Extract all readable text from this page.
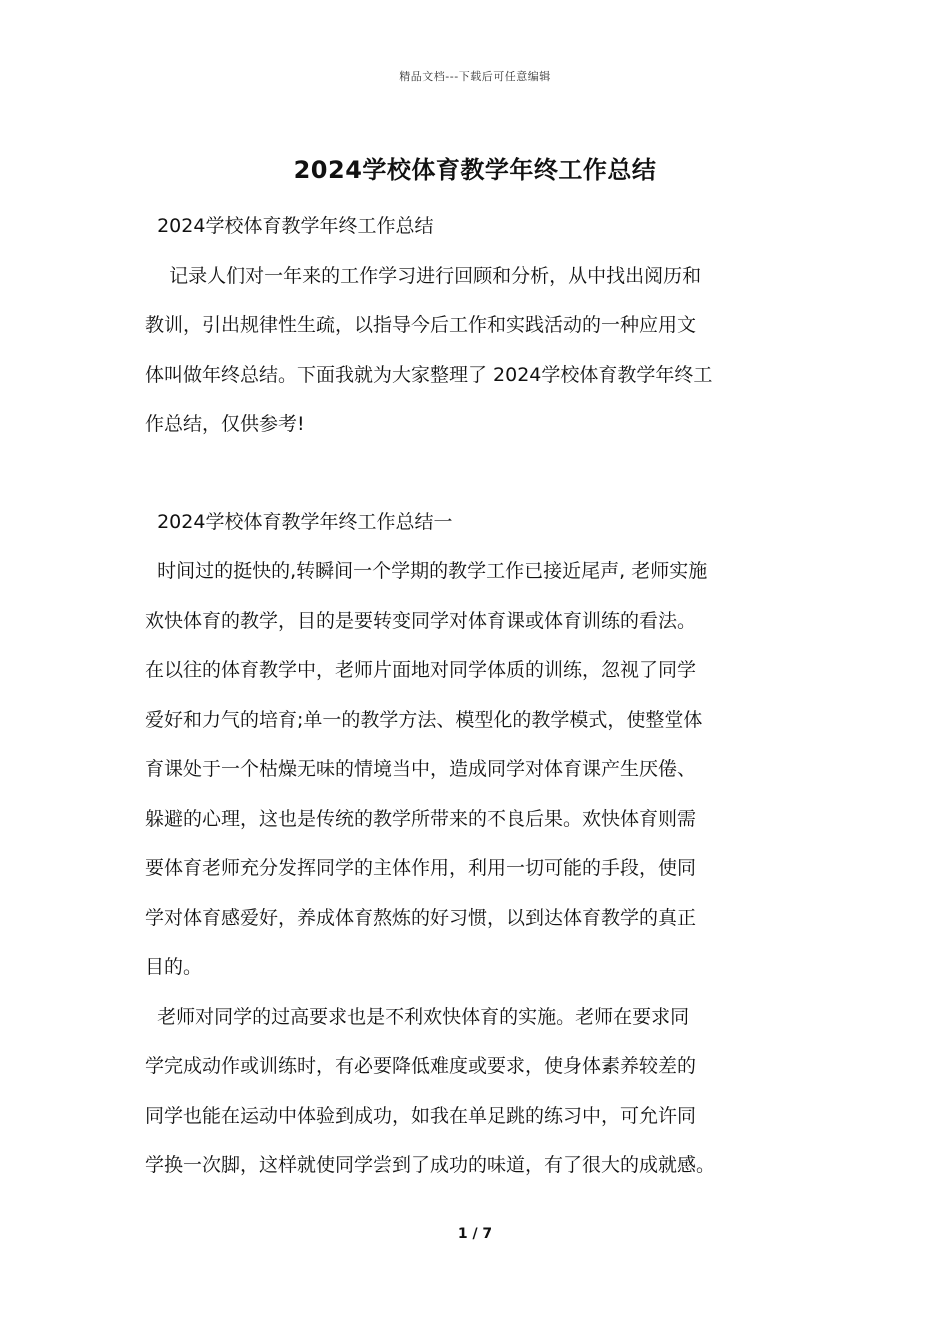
精品文档---下载后可任意编辑
2024学校体育教学年终工作总结

2024学校体育教学年终工作总结

记录人们对一年来的工作学习进行回顾和分析，从中找出阅历和

教训，引出规律性生疏，以指导今后工作和实践活动的一种应用文

体叫做年终总结。下面我就为大家整理了 2024学校体育教学年终工

作总结，仅供参考!

2024学校体育教学年终工作总结一

时间过的挺快的,转瞬间一个学期的教学工作已接近尾声, 老师实施

欢快体育的教学，目的是要转变同学对体育课或体育训练的看法。

在以往的体育教学中，老师片面地对同学体质的训练，忽视了同学

爱好和力气的培育;单一的教学方法、模型化的教学模式，使整堂体

育课处于一个枯燥无味的情境当中，造成同学对体育课产生厌倦、

躲避的心理，这也是传统的教学所带来的不良后果。欢快体育则需

要体育老师充分发挥同学的主体作用，利用一切可能的手段，使同

学对体育感爱好，养成体育熬炼的好习惯，以到达体育教学的真正

目的。

老师对同学的过高要求也是不利欢快体育的实施。老师在要求同

学完成动作或训练时，有必要降低难度或要求，使身体素养较差的

同学也能在运动中体验到成功，如我在单足跳的练习中，可允许同

学换一次脚，这样就使同学尝到了成功的味道，有了很大的成就感。

1 / 7
